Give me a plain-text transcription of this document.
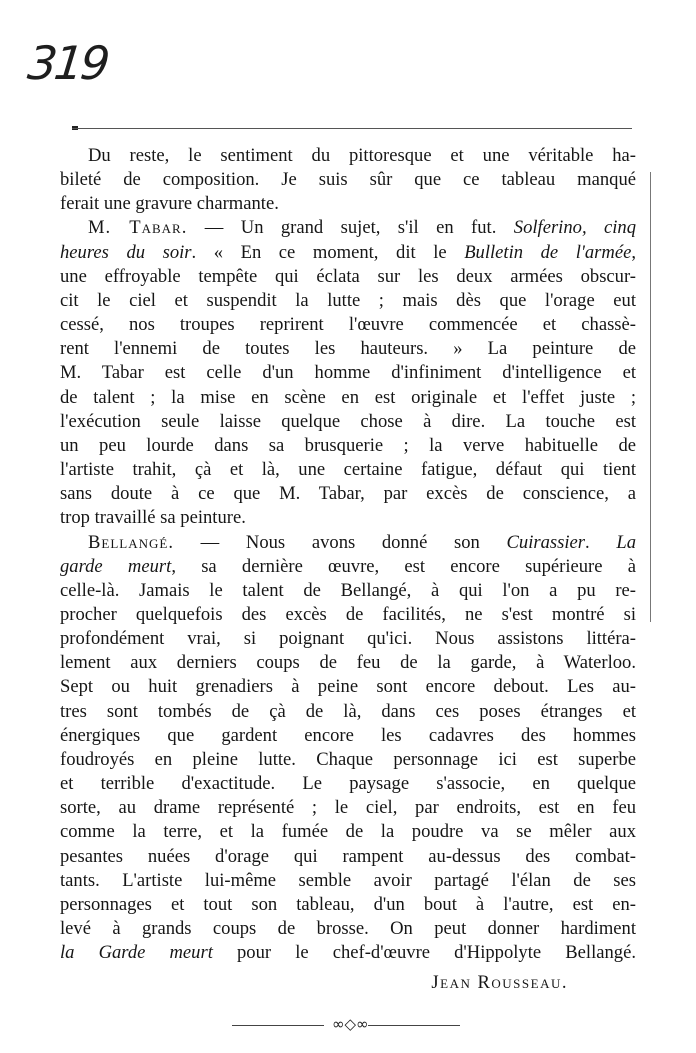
319
Du reste, le sentiment du pittoresque et une véritable ha-
bileté de composition. Je suis sûr que ce tableau manqué
ferait une gravure charmante.
M. Tabar. — Un grand sujet, s'il en fut. Solferino, cinq
heures du soir. « En ce moment, dit le Bulletin de l'armée,
une effroyable tempête qui éclata sur les deux armées obscur-
cit le ciel et suspendit la lutte ; mais dès que l'orage eut
cessé, nos troupes reprirent l'œuvre commencée et chassè-
rent l'ennemi de toutes les hauteurs. » La peinture de
M. Tabar est celle d'un homme d'infiniment d'intelligence et
de talent ; la mise en scène en est originale et l'effet juste ;
l'exécution seule laisse quelque chose à dire. La touche est
un peu lourde dans sa brusquerie ; la verve habituelle de
l'artiste trahit, çà et là, une certaine fatigue, défaut qui tient
sans doute à ce que M. Tabar, par excès de conscience, a
trop travaillé sa peinture.
Bellangé. — Nous avons donné son Cuirassier. La
garde meurt, sa dernière œuvre, est encore supérieure à
celle-là. Jamais le talent de Bellangé, à qui l'on a pu re-
procher quelquefois des excès de facilités, ne s'est montré si
profondément vrai, si poignant qu'ici. Nous assistons littéra-
lement aux derniers coups de feu de la garde, à Waterloo.
Sept ou huit grenadiers à peine sont encore debout. Les au-
tres sont tombés de çà de là, dans ces poses étranges et
énergiques que gardent encore les cadavres des hommes
foudroyés en pleine lutte. Chaque personnage ici est superbe
et terrible d'exactitude. Le paysage s'associe, en quelque
sorte, au drame représenté ; le ciel, par endroits, est en feu
comme la terre, et la fumée de la poudre va se mêler aux
pesantes nuées d'orage qui rampent au-dessus des combat-
tants. L'artiste lui-même semble avoir partagé l'élan de ses
personnages et tout son tableau, d'un bout à l'autre, est en-
levé à grands coups de brosse. On peut donner hardiment
la Garde meurt pour le chef-d'œuvre d'Hippolyte Bellangé.
Jean Rousseau.
∞◇∞
